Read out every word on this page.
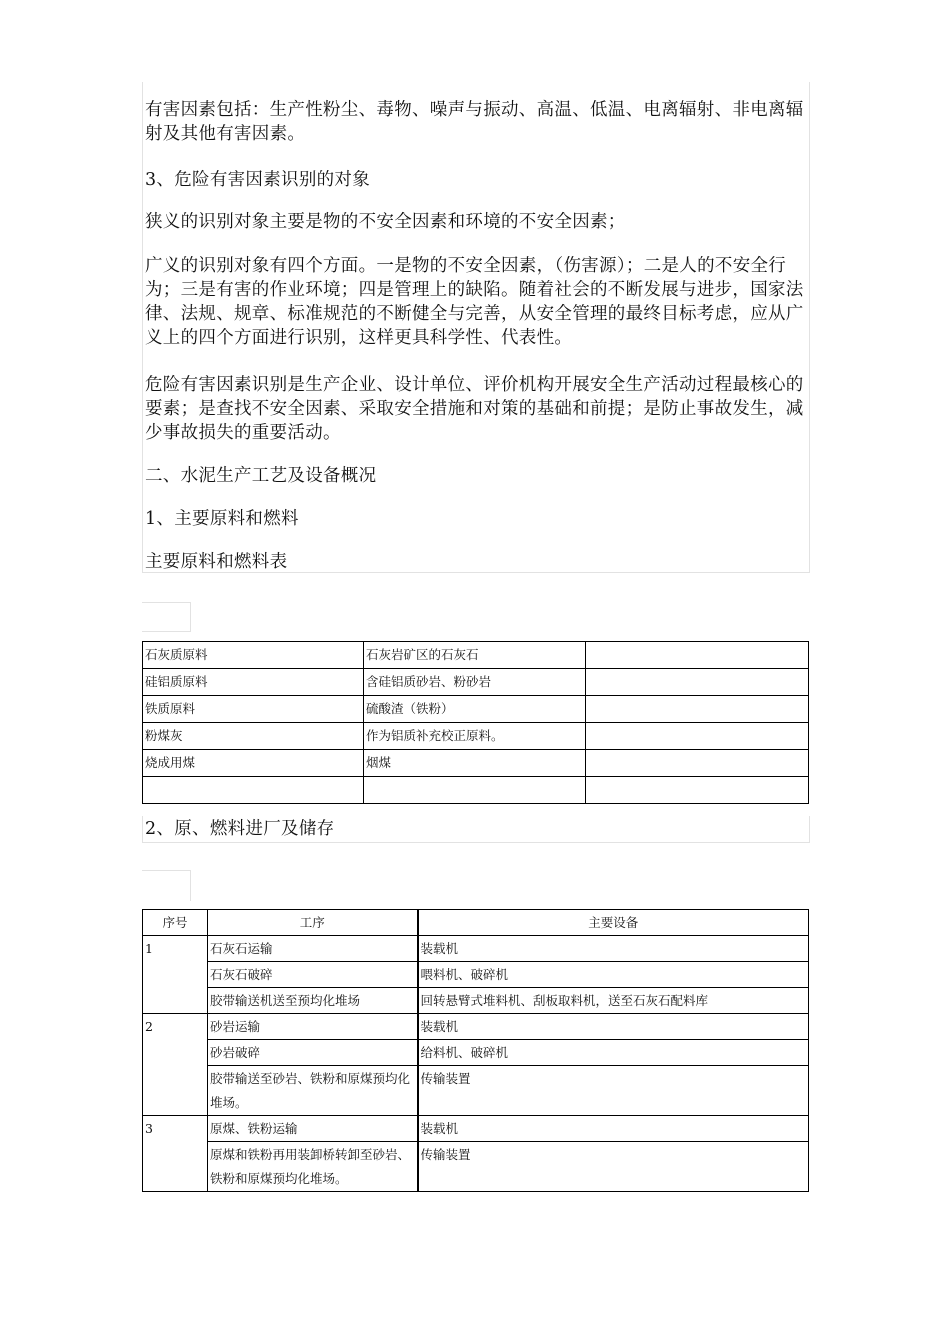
有害因素包括：生产性粉尘、毒物、噪声与振动、高温、低温、电离辐射、非电离辐射及其他有害因素。

3、危险有害因素识别的对象

狭义的识别对象主要是物的不安全因素和环境的不安全因素；

广义的识别对象有四个方面。一是物的不安全因素，（伤害源）；二是人的不安全行为；三是有害的作业环境；四是管理上的缺陷。随着社会的不断发展与进步，国家法律、法规、规章、标准规范的不断健全与完善，从安全管理的最终目标考虑，应从广义上的四个方面进行识别，这样更具科学性、代表性。

危险有害因素识别是生产企业、设计单位、评价机构开展安全生产活动过程最核心的要素；是查找不安全因素、采取安全措施和对策的基础和前提；是防止事故发生，减少事故损失的重要活动。

二、水泥生产工艺及设备概况

1、主要原料和燃料

主要原料和燃料表

石灰质原料	石灰岩矿区的石灰石	
硅铝质原料	含硅铝质砂岩、粉砂岩	
铁质原料	硫酸渣（铁粉）	
粉煤灰	作为铝质补充校正原料。	
烧成用煤	烟煤	

2、原、燃料进厂及储存

序号	工序	主要设备
1	石灰石运输	装载机
	石灰石破碎	喂料机、破碎机
	胶带输送机送至预均化堆场	回转悬臂式堆料机、刮板取料机，送至石灰石配料库
2	砂岩运输	装载机
	砂岩破碎	给料机、破碎机
	胶带输送至砂岩、铁粉和原煤预均化堆场。	传输装置
3	原煤、铁粉运输	装载机
	原煤和铁粉再用装卸桥转卸至砂岩、铁粉和原煤预均化堆场。	传输装置
